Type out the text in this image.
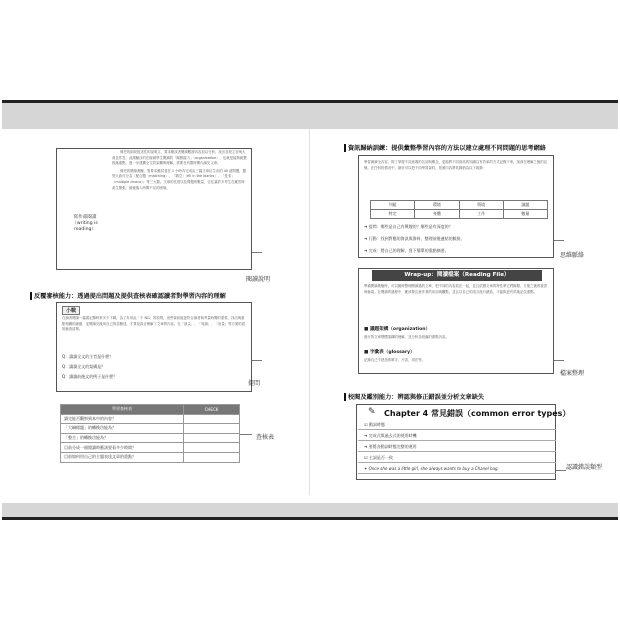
寫作部閱讀
（writing is reading）

佛羌的兩段敘述性的說明文，要求應試者閱讀數據內容加以分析、找出各段主旨與大意並作答。此測驗目的在檢測學生閱讀的「歸納能力」（organization），也就是能夠統整段落重點，進一步建構全文的架構與理解，需要在有限時間內讀完文章。

佛羌的閱讀測驗，對要求應試者在 1 小時內完成由三篇文章衍生出的 40 道問題，題型大致可分為（配合題（matching）、「填空」（fill in the blanks）、「是非」（multiple choice））等三大類。文章的長度以及問題的數量，往往讓許多考生在應答時產生緊張，最後落入時間不足的困境。

閱讀說明
反覆審核能力：透過提出問題及提供查核表確認讀者對學習內容的理解
小戰
在讀者閱讀一篇書記錄時常多少下載，為了有用此「不 NG」的原則，這些資訊能更符合讀者與考量時間的需要，找出與重點相關的細節，並閱讀完後用自己的話簡述，才算是真正理解了文章的內容。在「頂尖」、「易讀」、「用量」等方面的認知檢查清單。
Q：讀讀全文的主旨是什麼？
Q：讀讀全文的架構是？
Q：讀讀前後文的例子是什麼？
提問
學習查核表	CHECK
讀完能否觀察到本中的內容？	
「大綱標題」的轉換功能為？	
「整合」的轉換功能為？	
目前分成一個閱讀時應該要看多少時間？	
目前如何用自己的主題表達文章的重點？	
查核表
資訊歸納訓練：提供彙整學習內容的方法以建立處理不同問題的思考網絡
學習讀讀全內容，除了掌握不同意義的名詞與概念，更能將不同資訊的知識以有效率的方式記錄下來，加深在理解之後的記憶。在任何的情況中，最好可以把不同學習資料，依照內容將其歸納為以下幾類：
列組	環境	情境	議題
特定	身體	工作	數量
➜ 提問：哪些是自己有興趣的？哪些是有深度的？
➜ 行動：找到對應的資訊與資料，整理前後連結的脈絡。
➜ 完成：將自己的理解，寫下簡單的重點摘要。
思維脈絡
Wrap-up：閱讀檔案（Reading File）
準備閱讀測驗時，可以隨時整理閱讀過的文章，把不同的內容放在一起，並且依據文章的特性將它們歸類，方便之後的複習與檢索。在閱讀的過程中，應該要注意作者的用詞與觀點，並且以自己的語言進行總結，才能夠更有效地記住重點。
■ 議題架構（organization）
進行對文章整體架構的理解，並分析各段落的重點內容。
■ 字彙表（glossary）
記錄自己不熟悉的單字、片語、用法等。
檔案整理
校閱及鑑別能力：辨認與修正錯誤並分析文章缺失
✎ Chapter 4 常見錯誤（common error types）
☑ 動詞時態
➜ 完成式與過去式的使用時機
➜ 要將各動詞時態完整的運用
☑ 主詞是否一致
✦ Once she was a little girl, she always wants to buy a Chanel bag.	認識錯誤類型
